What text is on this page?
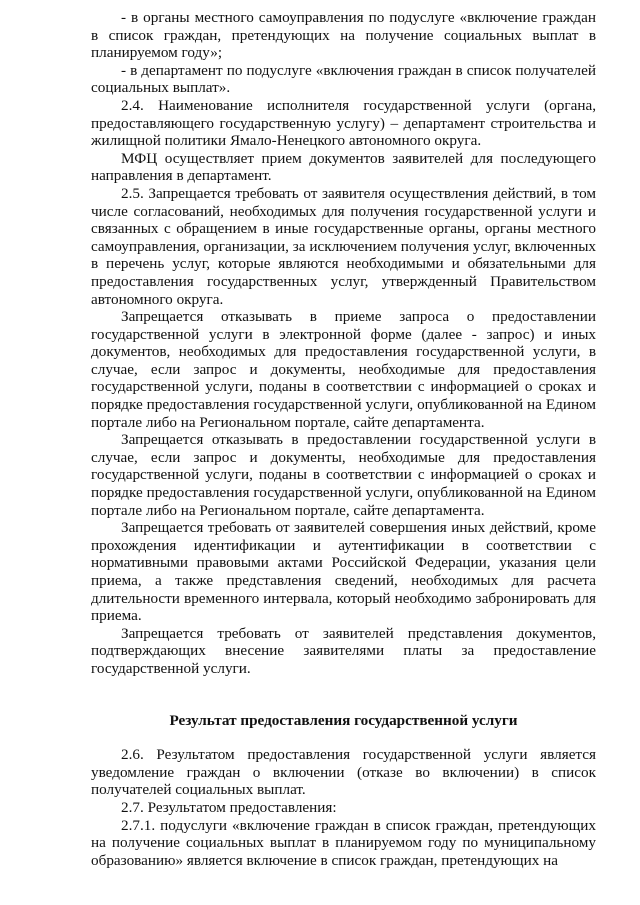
- в органы местного самоуправления по подуслуге «включение граждан в список граждан, претендующих на получение социальных выплат в планируемом году»;

- в департамент по подуслуге «включения граждан в список получателей социальных выплат».

2.4. Наименование исполнителя государственной услуги (органа, предоставляющего государственную услугу) – департамент строительства и жилищной политики Ямало-Ненецкого автономного округа.

МФЦ осуществляет прием документов заявителей для последующего направления в департамент.

2.5. Запрещается требовать от заявителя осуществления действий, в том числе согласований, необходимых для получения государственной услуги и связанных с обращением в иные государственные органы, органы местного самоуправления, организации, за исключением получения услуг, включенных в перечень услуг, которые являются необходимыми и обязательными для предоставления государственных услуг, утвержденный Правительством автономного округа.

Запрещается отказывать в приеме запроса о предоставлении государственной услуги в электронной форме (далее - запрос) и иных документов, необходимых для предоставления государственной услуги, в случае, если запрос и документы, необходимые для предоставления государственной услуги, поданы в соответствии с информацией о сроках и порядке предоставления государственной услуги, опубликованной на Едином портале либо на Региональном портале, сайте департамента.

Запрещается отказывать в предоставлении государственной услуги в случае, если запрос и документы, необходимые для предоставления государственной услуги, поданы в соответствии с информацией о сроках и порядке предоставления государственной услуги, опубликованной на Едином портале либо на Региональном портале, сайте департамента.

Запрещается требовать от заявителей совершения иных действий, кроме прохождения идентификации и аутентификации в соответствии с нормативными правовыми актами Российской Федерации, указания цели приема, а также представления сведений, необходимых для расчета длительности временного интервала, который необходимо забронировать для приема.

Запрещается требовать от заявителей представления документов, подтверждающих внесение заявителями платы за предоставление государственной услуги.

Результат предоставления государственной услуги

2.6. Результатом предоставления государственной услуги является уведомление граждан о включении (отказе во включении) в список получателей социальных выплат.

2.7. Результатом предоставления:

2.7.1. подуслуги «включение граждан в список граждан, претендующих на получение социальных выплат в планируемом году по муниципальному образованию» является включение в список граждан, претендующих на
